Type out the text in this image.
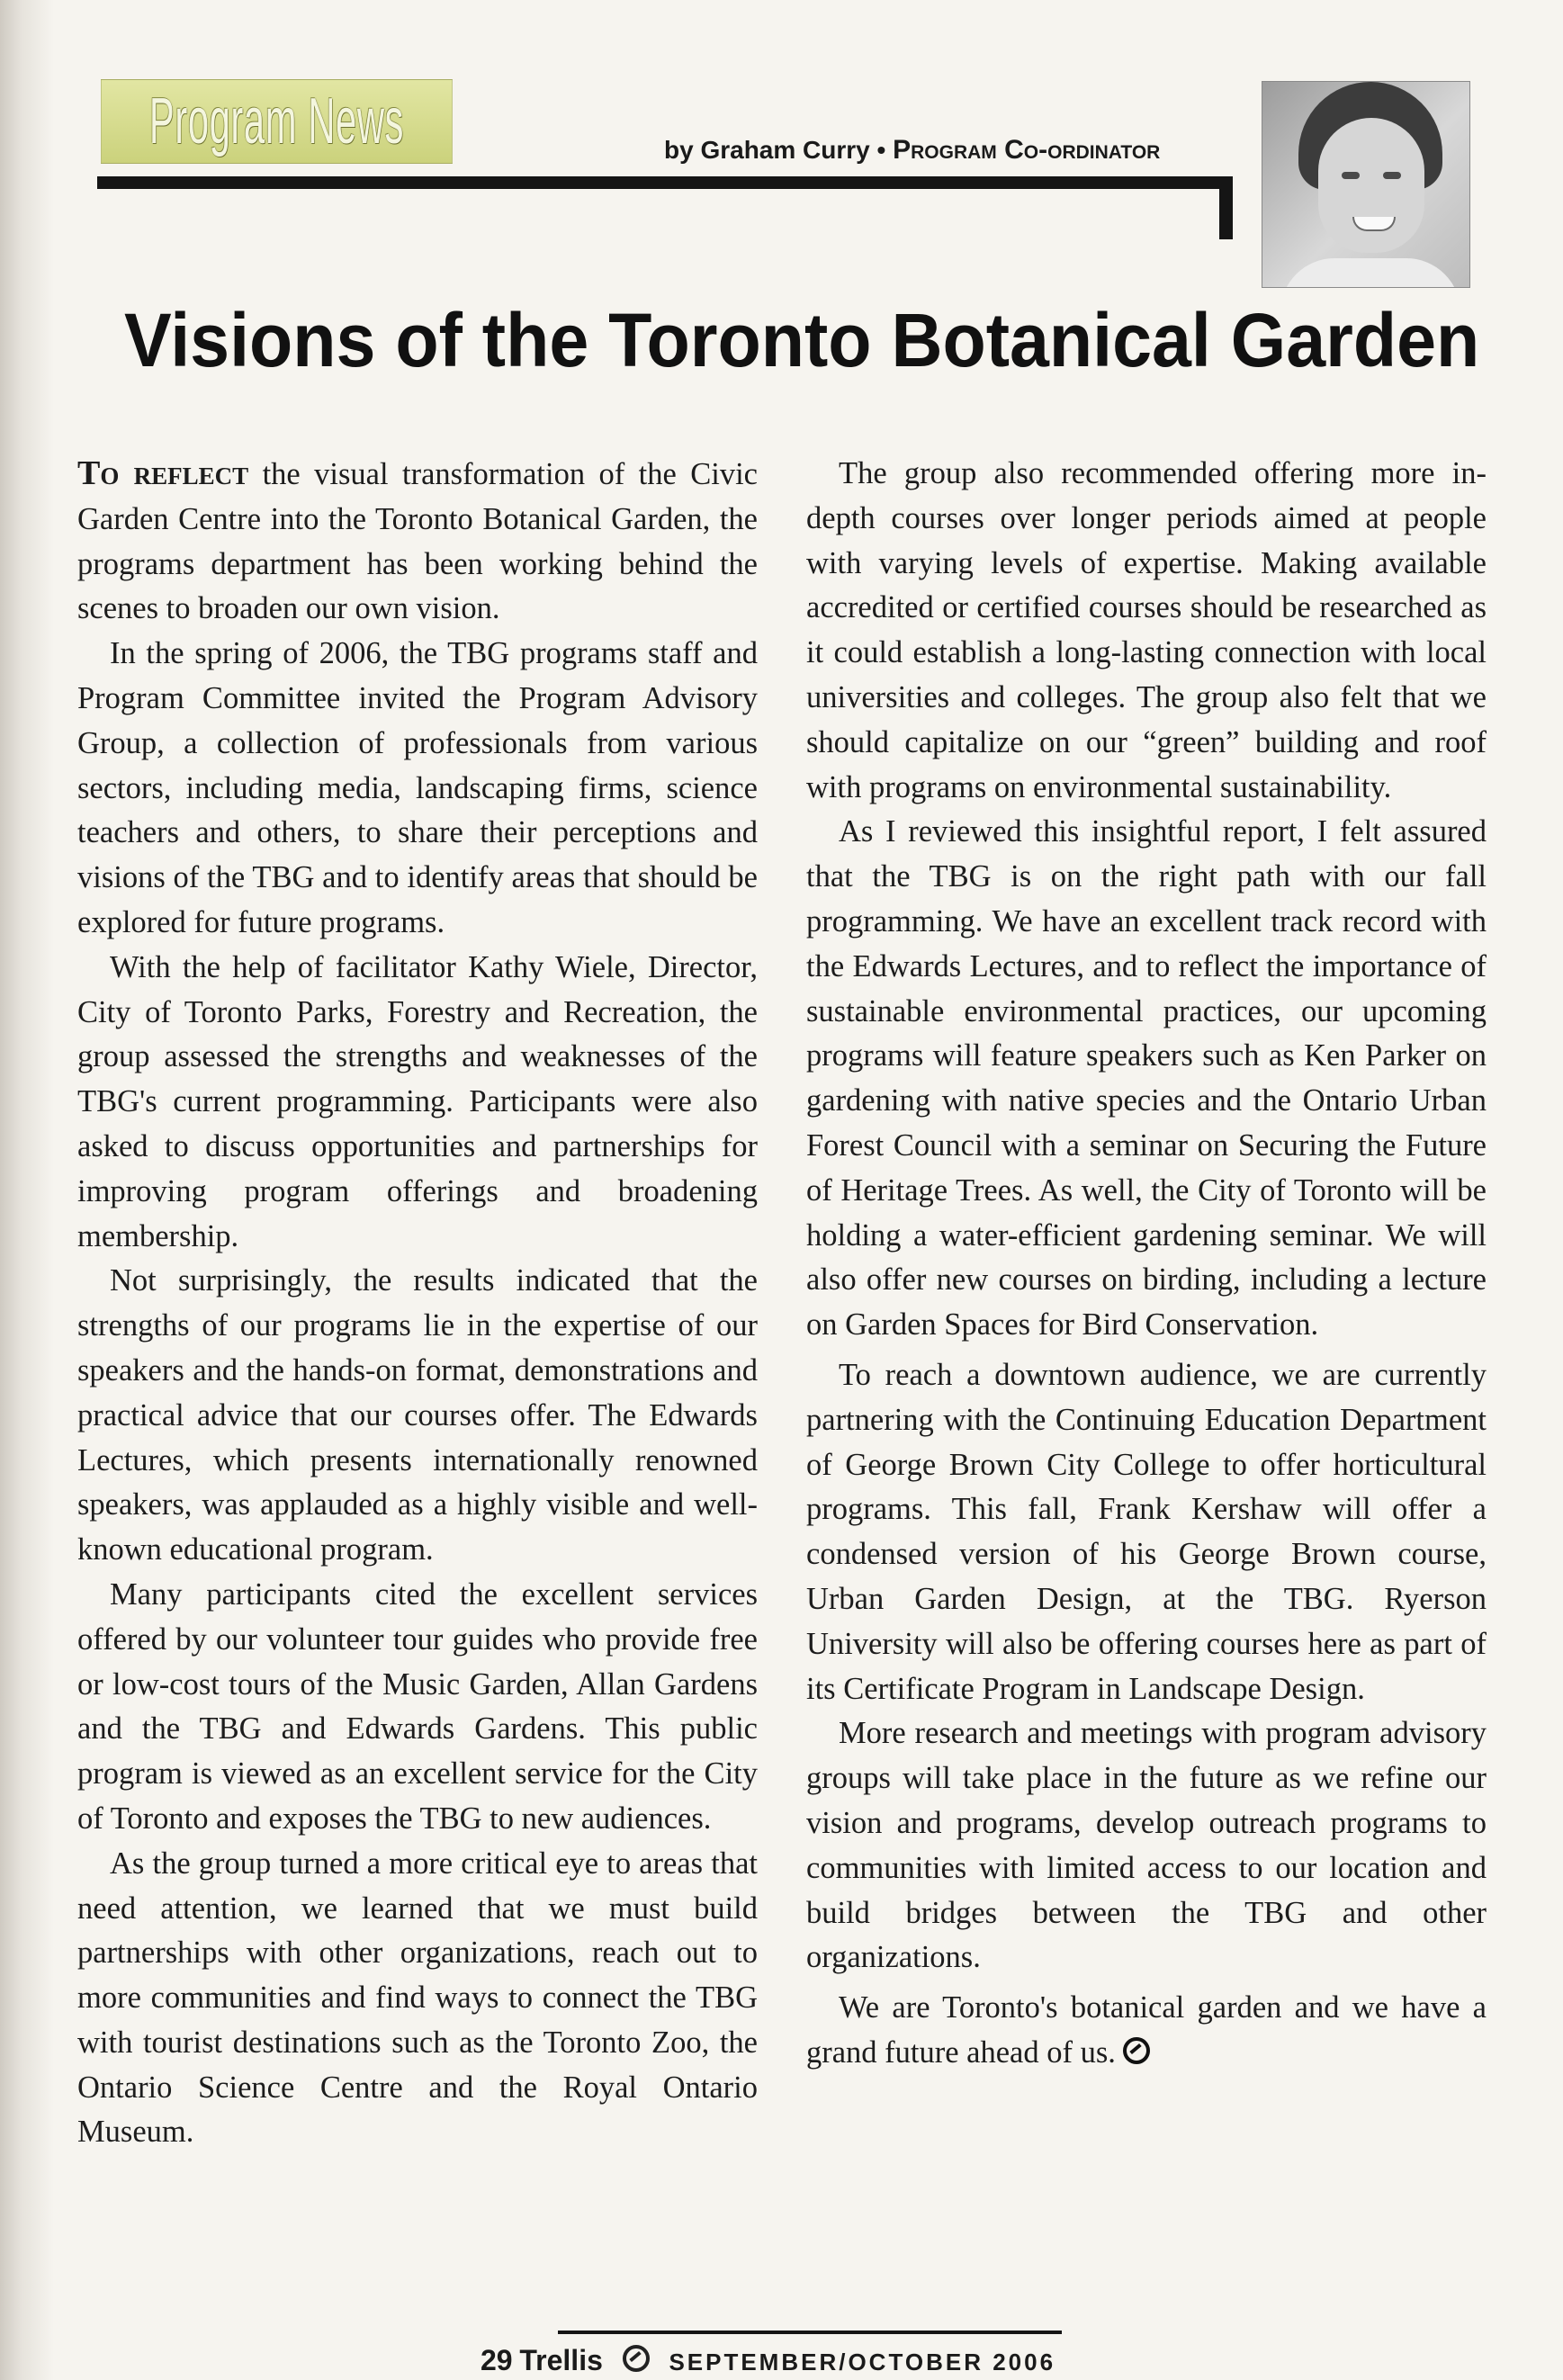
Program News	by Graham Curry • Program Co-ordinator
Visions of the Toronto Botanical Garden

To reflect the visual transformation of the Civic Garden Centre into the Toronto Botanical Garden, the programs department has been working behind the scenes to broaden our own vision.

In the spring of 2006, the TBG programs staff and Program Committee invited the Program Advisory Group, a collection of professionals from various sectors, including media, landscaping firms, science teachers and others, to share their perceptions and visions of the TBG and to identify areas that should be explored for future programs.

With the help of facilitator Kathy Wiele, Director, City of Toronto Parks, Forestry and Recreation, the group assessed the strengths and weaknesses of the TBG's current programming. Participants were also asked to discuss opportunities and partnerships for improving program offerings and broadening membership.

Not surprisingly, the results indicated that the strengths of our programs lie in the expertise of our speakers and the hands-on format, demonstrations and practical advice that our courses offer. The Edwards Lectures, which presents internationally renowned speakers, was applauded as a highly visible and well-known educational program.

Many participants cited the excellent services offered by our volunteer tour guides who provide free or low-cost tours of the Music Garden, Allan Gardens and the TBG and Edwards Gardens. This public program is viewed as an excellent service for the City of Toronto and exposes the TBG to new audiences.

As the group turned a more critical eye to areas that need attention, we learned that we must build partnerships with other organizations, reach out to more communities and find ways to connect the TBG with tourist destinations such as the Toronto Zoo, the Ontario Science Centre and the Royal Ontario Museum.

The group also recommended offering more in-depth courses over longer periods aimed at people with varying levels of expertise. Making available accredited or certified courses should be researched as it could establish a long-lasting connection with local universities and colleges. The group also felt that we should capitalize on our “green” building and roof with programs on environmental sustainability.

As I reviewed this insightful report, I felt assured that the TBG is on the right path with our fall programming. We have an excellent track record with the Edwards Lectures, and to reflect the importance of sustainable environmental practices, our upcoming programs will feature speakers such as Ken Parker on gardening with native species and the Ontario Urban Forest Council with a seminar on Securing the Future of Heritage Trees. As well, the City of Toronto will be holding a water-efficient gardening seminar. We will also offer new courses on birding, including a lecture on Garden Spaces for Bird Conservation.

To reach a downtown audience, we are currently partnering with the Continuing Education Department of George Brown City College to offer horticultural programs. This fall, Frank Kershaw will offer a condensed version of his George Brown course, Urban Garden Design, at the TBG. Ryerson University will also be offering courses here as part of its Certificate Program in Landscape Design.

More research and meetings with program advisory groups will take place in the future as we refine our vision and programs, develop outreach programs to communities with limited access to our location and build bridges between the TBG and other organizations.

We are Toronto's botanical garden and we have a grand future ahead of us.

29 Trellis	SEPTEMBER/OCTOBER 2006
